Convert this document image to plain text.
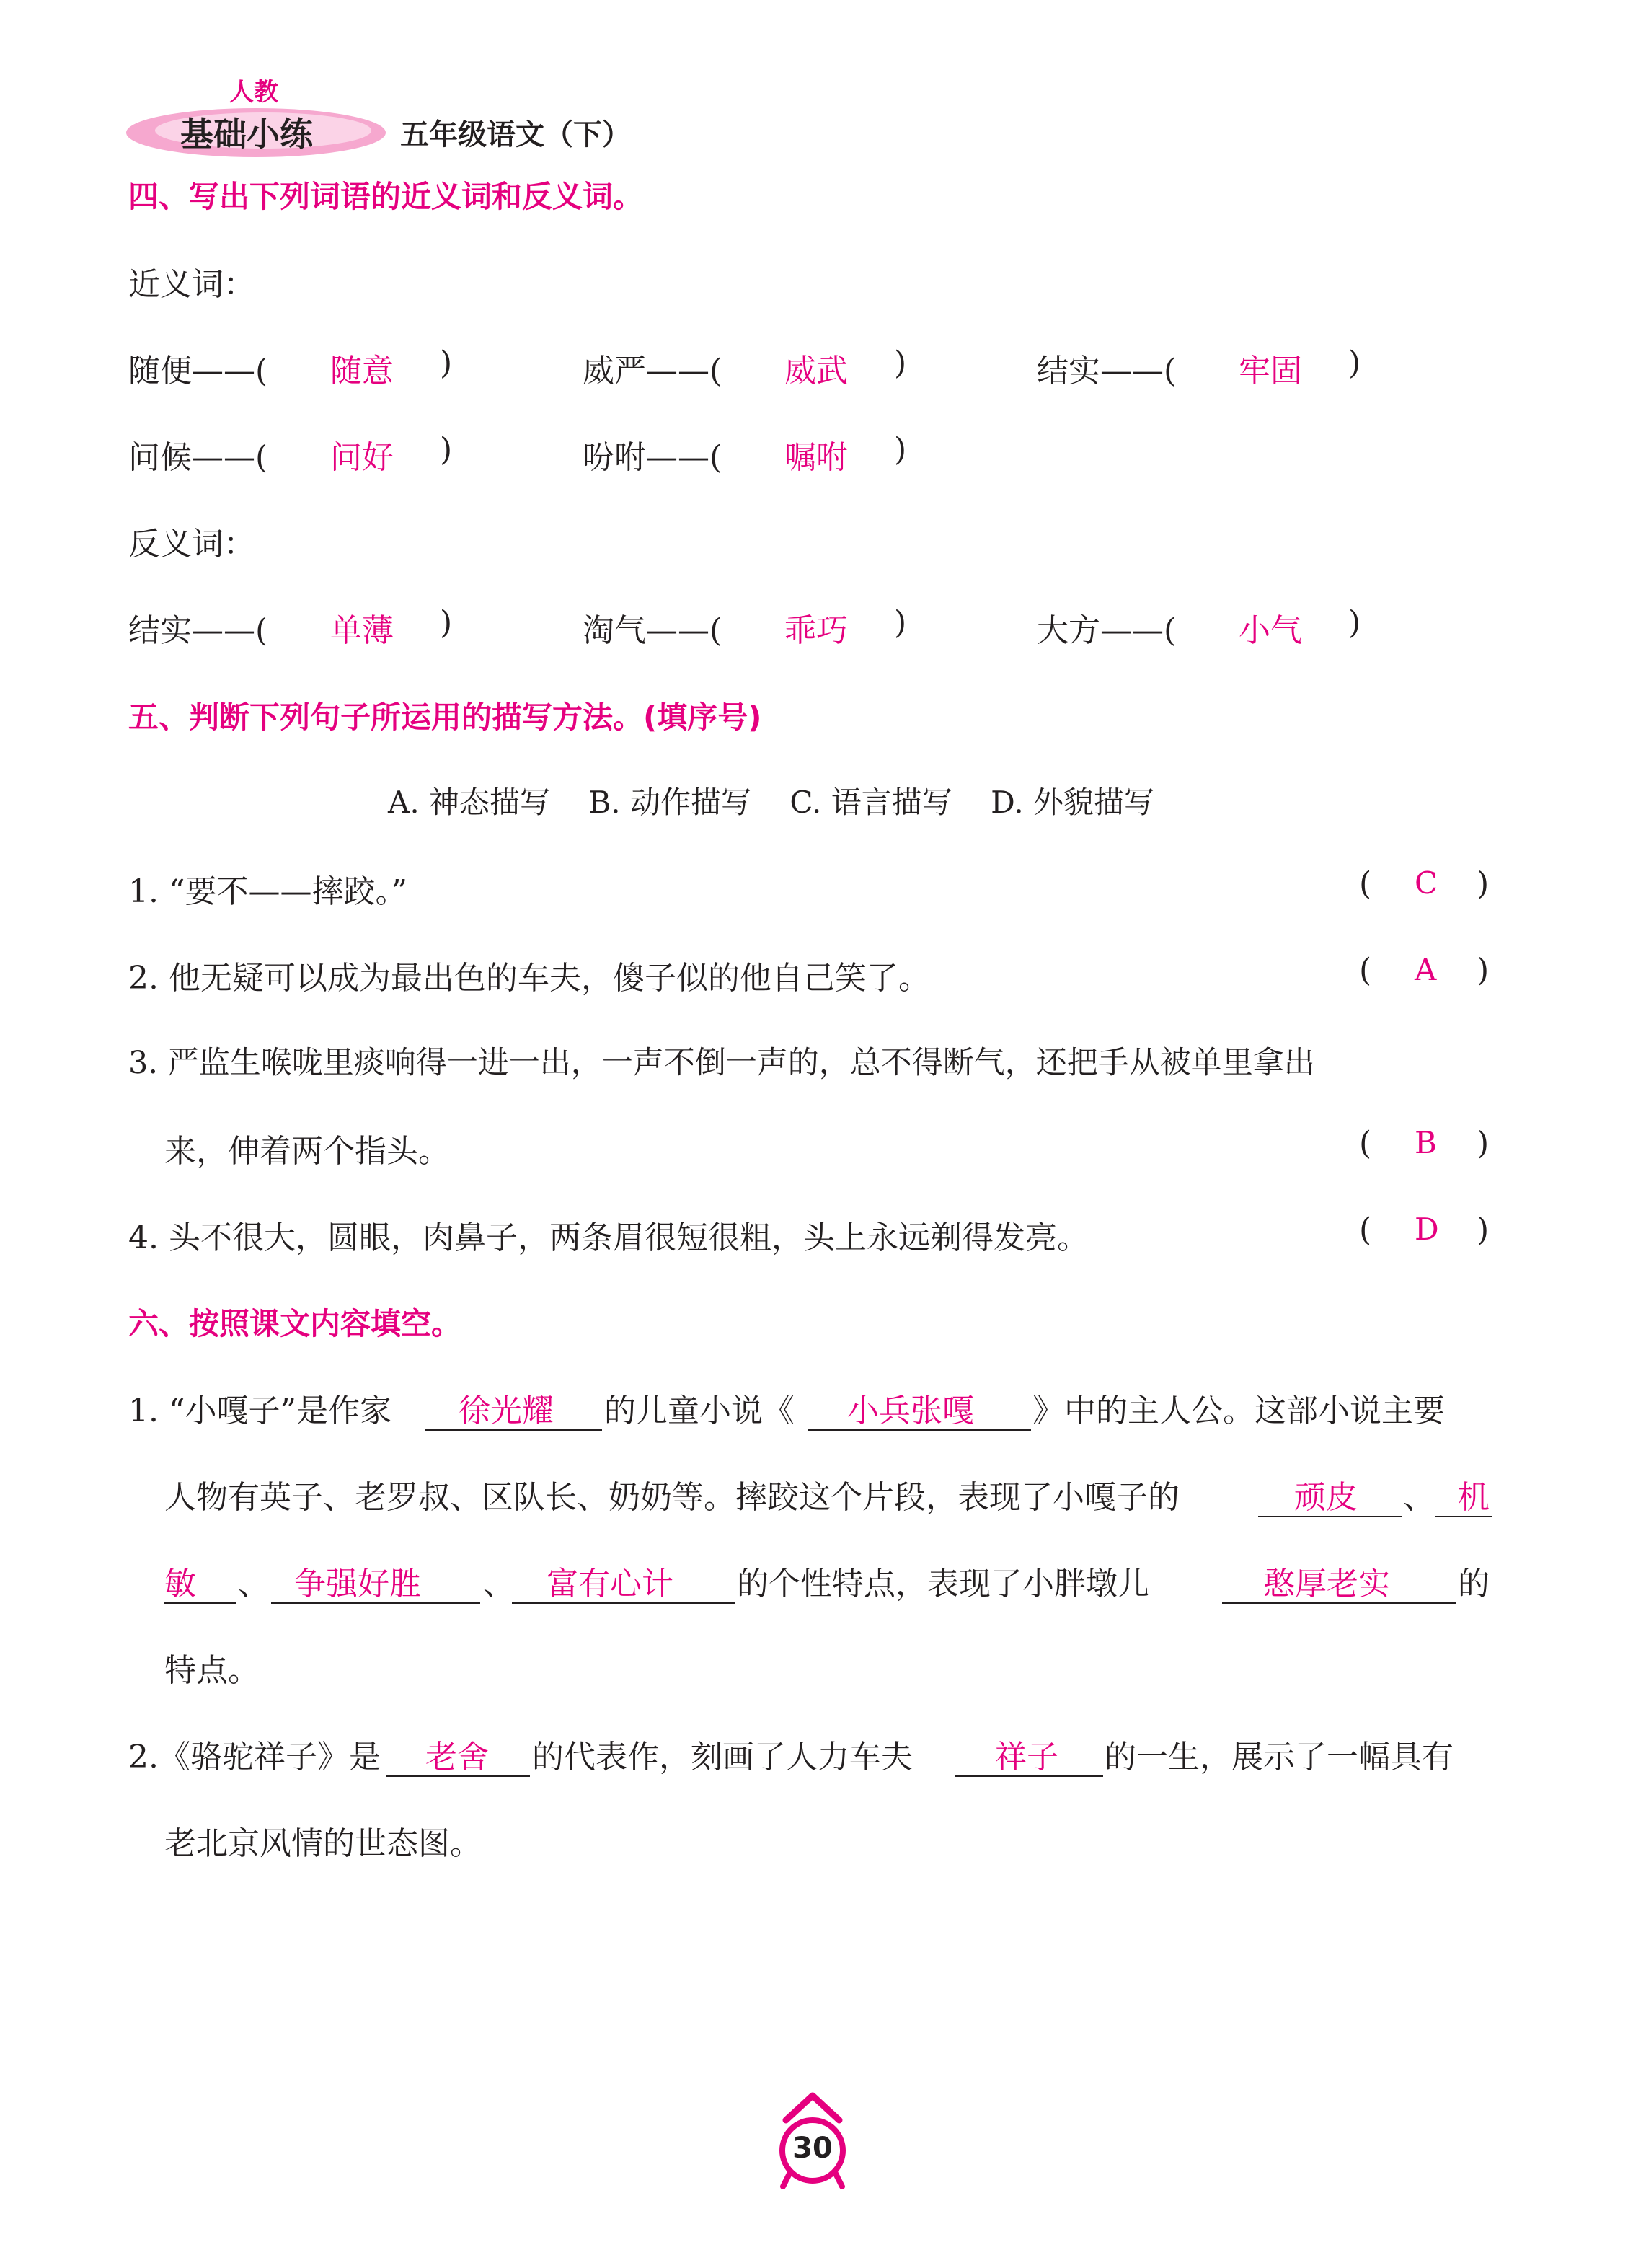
人教
基础小练	五年级语文（下）
四、写出下列词语的近义词和反义词。
近义词：
随便——( 随意 )	威严——( 威武 )	结实——( 牢固 )
问候——( 问好 )	吩咐——( 嘱咐 )
反义词：
结实——( 单薄 )	淘气——( 乖巧 )	大方——( 小气 )
五、判断下列句子所运用的描写方法。(填序号)
A. 神态描写    B. 动作描写    C. 语言描写    D. 外貌描写
1. “要不——摔跤。”	( C )
2. 他无疑可以成为最出色的车夫，傻子似的他自己笑了。	( A )
3. 严监生喉咙里痰响得一进一出，一声不倒一声的，总不得断气，还把手从被单里拿出
来，伸着两个指头。	( B )
4. 头不很大，圆眼，肉鼻子，两条眉很短很粗，头上永远剃得发亮。	( D )
六、按照课文内容填空。
1. “小嘎子”是作家 徐光耀 的儿童小说《 小兵张嘎 》中的主人公。这部小说主要
人物有英子、老罗叔、区队长、奶奶等。摔跤这个片段，表现了小嘎子的	顽皮 、 机
敏 、 争强好胜 、 富有心计 的个性特点，表现了小胖墩儿	憨厚老实 的
特点。
2.《骆驼祥子》是 老舍 的代表作，刻画了人力车夫	祥子 的一生，展示了一幅具有
老北京风情的世态图。
30
